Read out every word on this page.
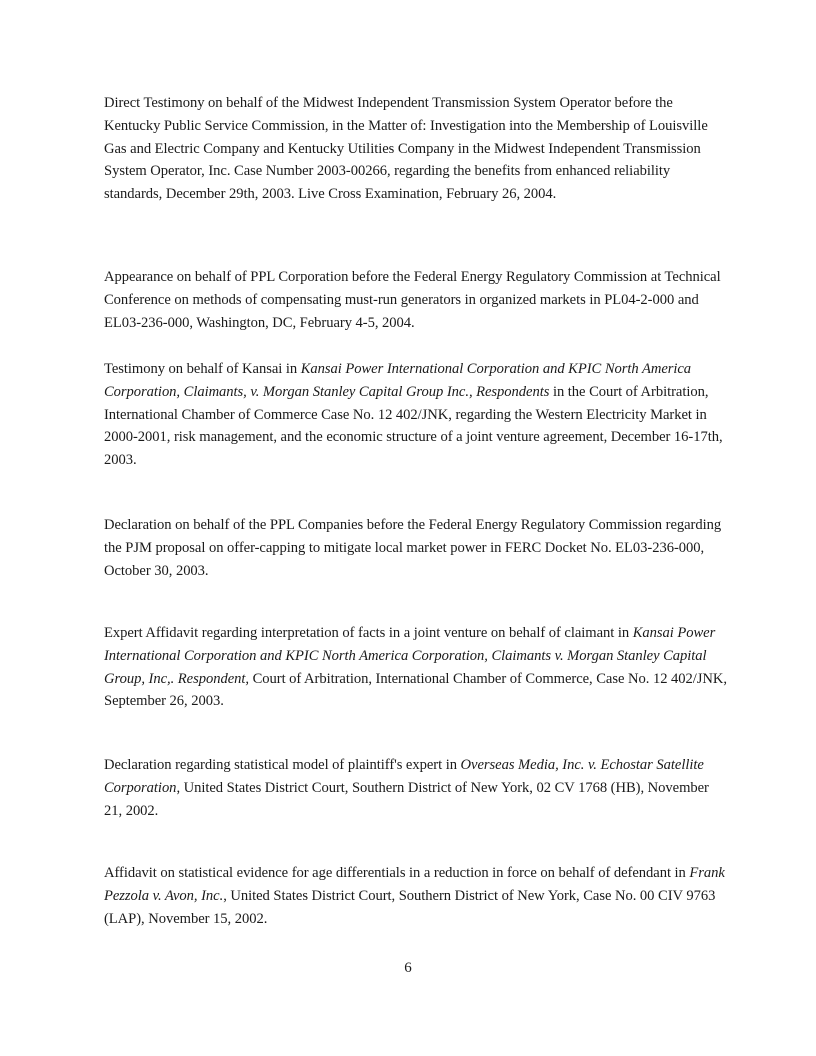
Direct Testimony on behalf of the Midwest Independent Transmission System Operator before the Kentucky Public Service Commission, in the Matter of: Investigation into the Membership of Louisville Gas and Electric Company and Kentucky Utilities Company in the Midwest Independent Transmission System Operator, Inc. Case Number 2003-00266, regarding the benefits from enhanced reliability standards, December 29th, 2003. Live Cross Examination, February 26, 2004.

Appearance on behalf of PPL Corporation before the Federal Energy Regulatory Commission at Technical Conference on methods of compensating must-run generators in organized markets in PL04-2-000 and EL03-236-000, Washington, DC, February 4-5, 2004.

Testimony on behalf of Kansai in Kansai Power International Corporation and KPIC North America Corporation, Claimants, v. Morgan Stanley Capital Group Inc., Respondents in the Court of Arbitration, International Chamber of Commerce Case No. 12 402/JNK, regarding the Western Electricity Market in 2000-2001, risk management, and the economic structure of a joint venture agreement, December 16-17th, 2003.

Declaration on behalf of the PPL Companies before the Federal Energy Regulatory Commission regarding the PJM proposal on offer-capping to mitigate local market power in FERC Docket No. EL03-236-000, October 30, 2003.

Expert Affidavit regarding interpretation of facts in a joint venture on behalf of claimant in Kansai Power International Corporation and KPIC North America Corporation, Claimants v. Morgan Stanley Capital Group, Inc,. Respondent, Court of Arbitration, International Chamber of Commerce, Case No. 12 402/JNK, September 26, 2003.

Declaration regarding statistical model of plaintiff's expert in Overseas Media, Inc. v. Echostar Satellite Corporation, United States District Court, Southern District of New York, 02 CV 1768 (HB), November 21, 2002.

Affidavit on statistical evidence for age differentials in a reduction in force on behalf of defendant in Frank Pezzola v. Avon, Inc., United States District Court, Southern District of New York, Case No. 00 CIV 9763 (LAP), November 15, 2002.

6
